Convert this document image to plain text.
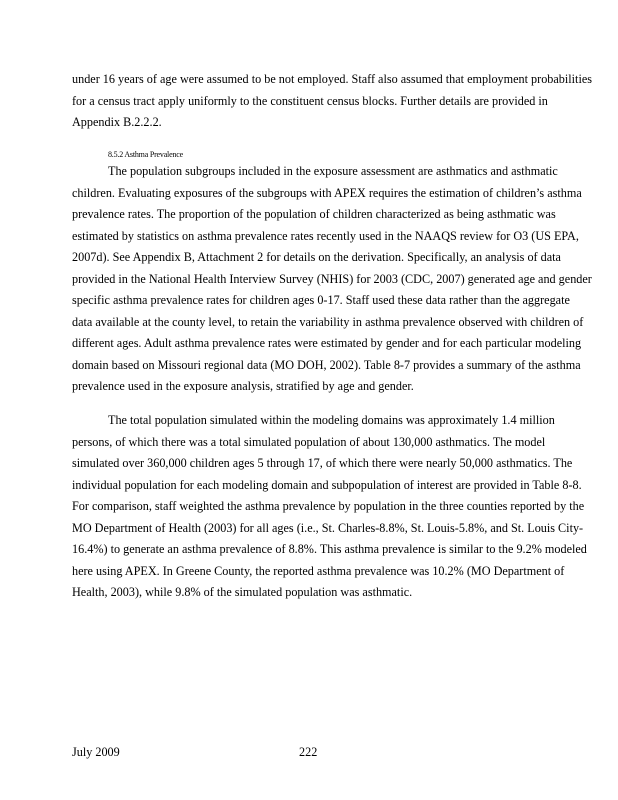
under 16 years of age were assumed to be not employed. Staff also assumed that employment probabilities for a census tract apply uniformly to the constituent census blocks. Further details are provided in Appendix B.2.2.2.

8.5.2 Asthma Prevalence

The population subgroups included in the exposure assessment are asthmatics and asthmatic children. Evaluating exposures of the subgroups with APEX requires the estimation of children’s asthma prevalence rates. The proportion of the population of children characterized as being asthmatic was estimated by statistics on asthma prevalence rates recently used in the NAAQS review for O3 (US EPA, 2007d). See Appendix B, Attachment 2 for details on the derivation. Specifically, an analysis of data provided in the National Health Interview Survey (NHIS) for 2003 (CDC, 2007) generated age and gender specific asthma prevalence rates for children ages 0-17. Staff used these data rather than the aggregate data available at the county level, to retain the variability in asthma prevalence observed with children of different ages. Adult asthma prevalence rates were estimated by gender and for each particular modeling domain based on Missouri regional data (MO DOH, 2002). Table 8-7 provides a summary of the asthma prevalence used in the exposure analysis, stratified by age and gender.

The total population simulated within the modeling domains was approximately 1.4 million persons, of which there was a total simulated population of about 130,000 asthmatics. The model simulated over 360,000 children ages 5 through 17, of which there were nearly 50,000 asthmatics. The individual population for each modeling domain and subpopulation of interest are provided in Table 8-8. For comparison, staff weighted the asthma prevalence by population in the three counties reported by the MO Department of Health (2003) for all ages (i.e., St. Charles-8.8%, St. Louis-5.8%, and St. Louis City-16.4%) to generate an asthma prevalence of 8.8%. This asthma prevalence is similar to the 9.2% modeled here using APEX. In Greene County, the reported asthma prevalence was 10.2% (MO Department of Health, 2003), while 9.8% of the simulated population was asthmatic.

July 2009	222
